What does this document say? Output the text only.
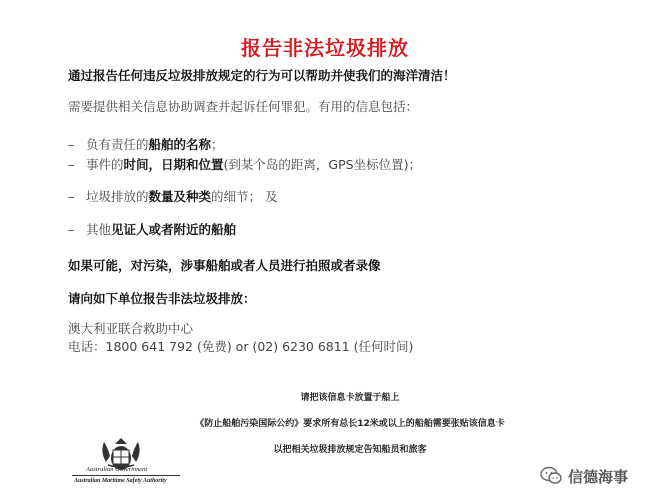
报告非法垃圾排放
通过报告任何违反垃圾排放规定的行为可以帮助并使我们的海洋清洁！
需要提供相关信息协助调查并起诉任何罪犯。有用的信息包括：
– 负有责任的船舶的名称；
– 事件的时间，日期和位置(到某个岛的距离，GPS坐标位置)；
– 垃圾排放的数量及种类的细节； 及
– 其他见证人或者附近的船舶
如果可能，对污染，涉事船舶或者人员进行拍照或者录像
请向如下单位报告非法垃圾排放：
澳大利亚联合救助中心
电话：1800 641 792 (免费) or (02) 6230 6811 (任何时间)
请把该信息卡放置于船上
《防止船舶污染国际公约》要求所有总长12米或以上的船舶需要张贴该信息卡
以把相关垃圾排放规定告知船员和旅客
Australian Government
Australian Maritime Safety Authority	信德海事
